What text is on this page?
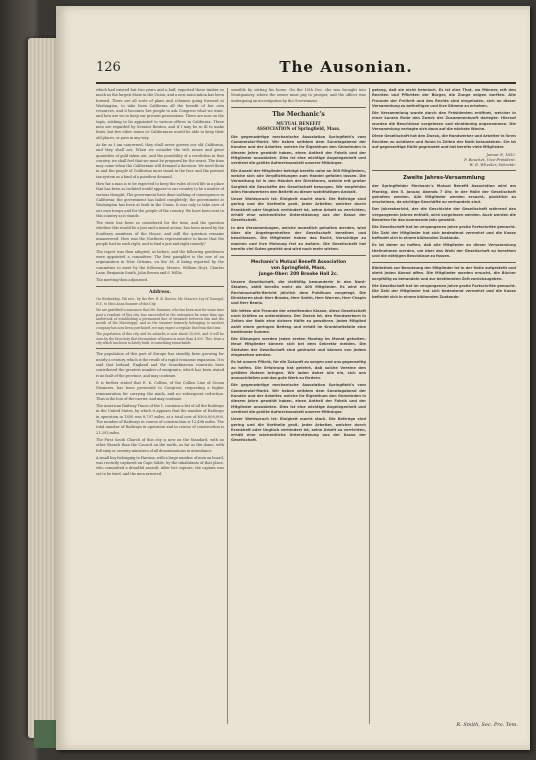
126	The Ausonian.

which had existed but two years and a half, exported these timber so much as the largest State in the Union, and a new association has been formed. There are all sorts of plans and schemes going forward at Washington, to take from California all the benefit of her own resources, and it becomes her people to ask Congress what we want, and how are we to keep our present possessions. There are now on the tapis, wishing to be appointed to various offices in California. These men are regarded by Senator Benton, and if I may be so ill to make hints, but few other mines or Californians would be able to keep their old places, or pass in any way.

As far as I am concerned, they shall never govern our old California, and they shall not. When we consider the rich mines and great quantities of gold taken out, and the possibility of a revolution in that country, we shall feel that we must be prepared for the worst. The time may come when the Californian will demand a decision. We need them in and the people of California must stand in the face and the present tax system as a kind of a pointless demand.

How far a man is to be expected to keep the rules of civil life in a place that has been so isolated would appear to our country to be a matter of serious thought. The government have done nothing of consequence in California; the government has failed completely; the government at Washington has been at fault in the Union. It was only to take care of our own troops and for the people of the country. We have been sent to this country as it stands.

The state has been so considered for the time, and the question whether this would be a just and a moral action, has been raised by the Southern members of the House, and still the question remains unanswered. How was the Northern representative to know that the people had no such right, and to find a just and right remedy?

The report was then adopted, as before, and the following gentlemen were appointed a committee: The first pamphlet is the one of an organization in New Orleans, on the 3d, it being reported by the committee to meet by the following: Messrs. William Hoyt, Charles Lane, Benjamin Smith, John Brown and S. Willis.

The meeting then adjourned.

Address.

On Wednesday, 5th inst., by the Rev. R. B. Bowen, Mr. Maurice Ley of Donegal, N.Y., to Miss Anna Sumner of this City.

We are gratified to announce that Mr. Dummer, who has been now for some time past a resident of this city, has succeeded in the enterprise he some time ago undertook of establishing a permanent line of steamers between this and the mouth of the Mississippi; and as the steamer formerly belonging to another company has now been purchased, we may expect a regular line from this time.

The population of this city and its suburbs is now about 35,000, and it will be seen by the Directory that the number of houses is more than 4,000. This, from a city which has been so lately built, is something remarkable.

The population of this part of Europe has steadily been growing for nearly a century, which is the result of a rapid economic expansion. It is said that Ireland, England and the Scandinavian countries have contributed the greatest number of emigrants, which has been stated is no fault of the province, and may continue.

It is further stated that E. K. Collins, of the Collins Line of Ocean Steamers, has been presented to Congress, requesting a higher remuneration for carrying the mails, and no subsequent reduction. Thus is the loss of the carrier, and may continue.

The American Railway Times of the 1, contains a list of all the Railways in the United States, by which it appears that the number of Railways in operation in 1850 was 8,797 miles, at a total cost of $300,000,000. The number of Railways in course of construction is 12,496 miles. The total number of Railways in operation and in course of construction is 21,293 miles.

The First South Church of this city is now on the Standard, with no other Branch than the Council on the north, as far as the dome, with full sixty or seventy ministers of all denominations in attendance.

A small boy belonging to Havana, with a large number of men on board, was recently captured on Cape Sable, by the inhabitants of that place, who committed a dreadful assault. After her capture, the captain was set to be tried, and the men arrested.

sensible by setting his horse. On the 10th Dec. she was brought into Montgomery, where the owner must pay to prosper, and the officer was undergoing an investigation by the Government.

The Mechanic's
MUTUAL BENEFIT
ASSOCIATION of Springfield, Mass.

Die gegenwärtige mechanische Assoziation Springfield's vom Commerzial-Markt. Wir haben seitdem dem Sonntagabend der Kunden und der Arbeiter, welche ihr Eigenthum den Gemeinden in diesem Jahre gewählt haben, einen Antheil der Fabrik und der Mitglieder anzubieten. Dies ist eine wichtige Angelegenheit und verdient die größte Aufmerksamkeit unserer Mitbürger.

Die Anzahl der Mitglieder beträgt bereits nahe an 500 Mitgliedern, welche sich alle Verpflichtungen zum Handel gefallen lassen. Die Verwaltung ist in den Händen der Direktoren, welche mit großer Sorgfalt die Geschäfte der Gesellschaft besorgen. Wir empfehlen allen Handwerkern den Beitritt zu dieser wohlthätigen Anstalt.

Unser Wahlspruch ist: Einigkeit macht stark. Die Beiträge sind gering und die Vortheile groß. Jeder Arbeiter, welcher durch Krankheit oder Unglück verhindert ist, seine Arbeit zu verrichten, erhält eine wöchentliche Unterstützung aus der Kasse der Gesellschaft.

In den Versammlungen, welche monatlich gehalten werden, wird über die Angelegenheiten der Gesellschaft berathen und beschlossen. Die Mitglieder haben das Recht, Vorschläge zu machen und ihre Meinung frei zu äußern. Die Gesellschaft hat bereits viel Gutes gewirkt und wird noch mehr wirken.

Mechanic's Mutual Benefit Association
von Springfield, Mass.
Junge-Ober: 200 Brooke Hall 2c.

Unsere Gesellschaft, die vielfältig bewunderte in den Nord-Staaten, zählt bereits mehr als 400 Mitglieder. Es wird ein Rechenschafts-Bericht jährlich dem Publikum vorgelegt. Die Direktoren sind: Herr Brooks, Herr Smith, Herr Warren, Herr Chapin und Herr Bemis.

Wir bitten alle Freunde der arbeitenden Klasse, diese Gesellschaft nach Kräften zu unterstützen. Der Zweck ist, den Handwerkern in Zeiten der Noth eine sichere Hülfe zu gewähren. Jedes Mitglied zahlt einen geringen Beitrag und erhält im Krankheitsfalle eine bestimmte Summe.

Die Sitzungen werden jeden ersten Montag im Monat gehalten. Neue Mitglieder können sich bei dem Sekretär melden. Die Statuten der Gesellschaft sind gedruckt und können von jedem eingesehen werden.

Es ist unsere Pflicht, für die Zukunft zu sorgen und uns gegenseitig zu helfen. Die Erfahrung hat gelehrt, daß solche Vereine den größten Nutzen bringen. Wir laden daher alle ein, sich uns anzuschließen und das gute Werk zu fördern.

Die gegenwärtige mechanische Assoziation Springfield's vom Commerzial-Markt. Wir haben seitdem dem Sonntagabend der Kunden und der Arbeiter, welche ihr Eigenthum den Gemeinden in diesem Jahre gewählt haben, einen Antheil der Fabrik und der Mitglieder anzubieten. Dies ist eine wichtige Angelegenheit und verdient die größte Aufmerksamkeit unserer Mitbürger.

Unser Wahlspruch ist: Einigkeit macht stark. Die Beiträge sind gering und die Vortheile groß. Jeder Arbeiter, welcher durch Krankheit oder Unglück verhindert ist, seine Arbeit zu verrichten, erhält eine wöchentliche Unterstützung aus der Kasse der Gesellschaft.

gelang, daß sie nicht heimisch. Es ist eine That, wo Männer, mit den Rechten und Pflichten der Bürger, die Zunge zeigen durften. Alle Freunde der Freiheit und des Rechts sind eingeladen, sich an dieser Versammlung zu betheiligen und ihre Stimme zu erheben.

Die Versammlung wurde durch den Präsidenten eröffnet, welcher in einer kurzen Rede den Zweck der Zusammenkunft darlegte. Hierauf wurden die Beschlüsse vorgelesen und einstimmig angenommen. Die Versammlung vertagte sich dann auf die nächste Woche.

Diese Gesellschaft hat den Zweck, die Handwerker und Arbeiter in ihren Rechten zu schützen und ihnen in Zeiten der Noth beizustehen. Sie ist auf gegenseitige Hülfe gegründet und hat bereits viele Mitglieder.

Januar 8, 1852.
F. Bouchet, Vice-Präsident.
W. R. Wheeler, Sekretär.
Zweite Jahres-Versammlung

der Springfielder Mechanic's Mutual Benefit Association wird am Montag, den 5. Januar, Abends 7 Uhr, in der Halle der Gesellschaft gehalten werden. Alle Mitglieder werden ersucht, pünktlich zu erscheinen, da wichtige Geschäfte zu verhandeln sind.

Der Jahresbericht, der die Geschichte der Gesellschaft während des vergangenen Jahres enthält, wird vorgelesen werden. Auch werden die Beamten für das kommende Jahr gewählt.

Die Gesellschaft hat im vergangenen Jahre große Fortschritte gemacht. Die Zahl der Mitglieder hat sich bedeutend vermehrt und die Kasse befindet sich in einem blühenden Zustande.

Es ist daher zu hoffen, daß alle Mitglieder an dieser Versammlung theilnehmen werden, um über das Wohl der Gesellschaft zu berathen und die nöthigen Beschlüsse zu fassen.

Bibliothek zur Benutzung der Mitglieder ist in der Halle aufgestellt und steht jeden Abend offen. Die Mitglieder werden ersucht, die Bücher sorgfältig zu behandeln und zur bestimmten Zeit zurückzugeben.

Die Gesellschaft hat im vergangenen Jahre große Fortschritte gemacht. Die Zahl der Mitglieder hat sich bedeutend vermehrt und die Kasse befindet sich in einem blühenden Zustande.

R. Smith, Sec. Pro. Tem.
